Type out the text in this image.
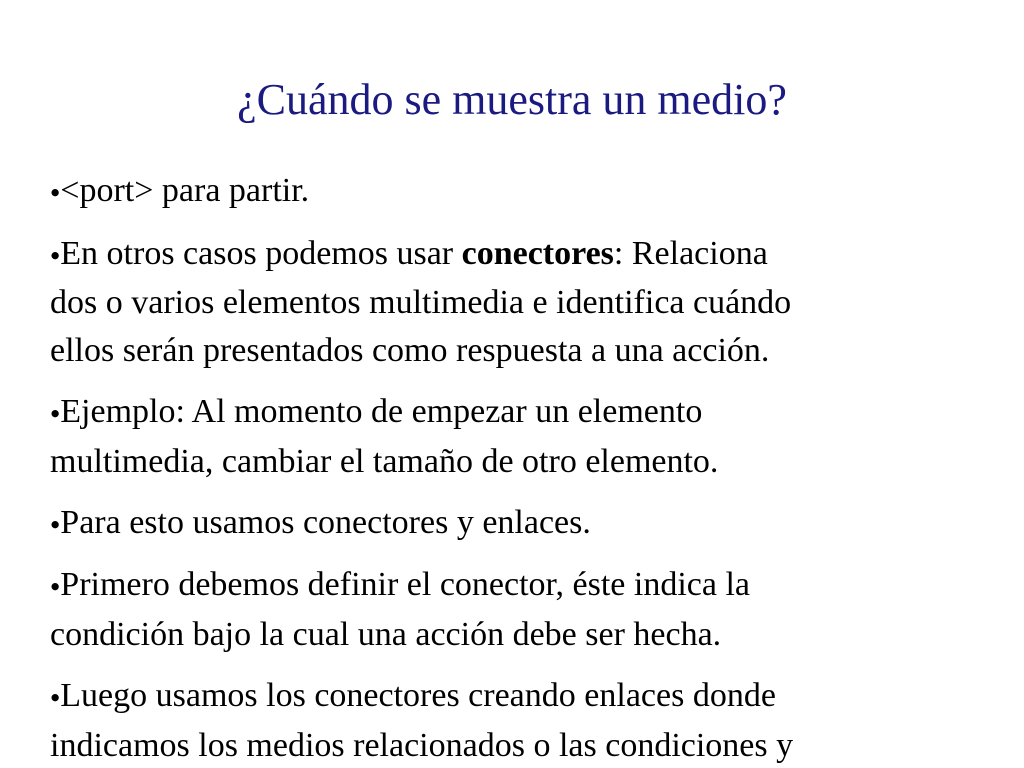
¿Cuándo se muestra un medio?
●<port> para partir.
●En otros casos podemos usar conectores: Relaciona
dos o varios elementos multimedia e identifica cuándo
ellos serán presentados como respuesta a una acción.
●Ejemplo: Al momento de empezar un elemento
multimedia, cambiar el tamaño de otro elemento.
●Para esto usamos conectores y enlaces.
●Primero debemos definir el conector, éste indica la
condición bajo la cual una acción debe ser hecha.
●Luego usamos los conectores creando enlaces donde
indicamos los medios relacionados o las condiciones y
